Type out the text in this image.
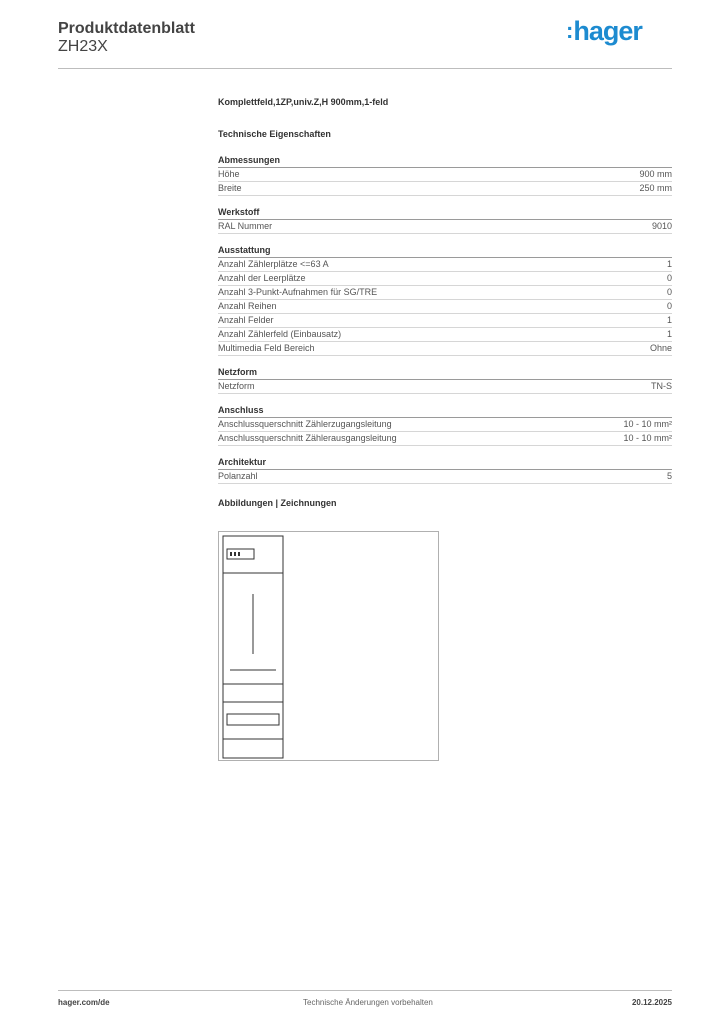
Produktdatenblatt
ZH23X
:hager
Komplettfeld,1ZP,univ.Z,H 900mm,1-feld
Technische Eigenschaften
Abmessungen
Höhe	900 mm
Breite	250 mm
Werkstoff
RAL Nummer	9010
Ausstattung
Anzahl Zählerplätze <=63 A	1
Anzahl der Leerplätze	0
Anzahl 3-Punkt-Aufnahmen für SG/TRE	0
Anzahl Reihen	0
Anzahl Felder	1
Anzahl Zählerfeld (Einbausatz)	1
Multimedia Feld Bereich	Ohne
Netzform
Netzform	TN-S
Anschluss
Anschlussquerschnitt Zählerzugangsleitung	10 - 10 mm²
Anschlussquerschnitt Zählerausgangsleitung	10 - 10 mm²
Architektur
Polanzahl	5
Abbildungen | Zeichnungen
hager.com/de	Technische Änderungen vorbehalten	20.12.2025
